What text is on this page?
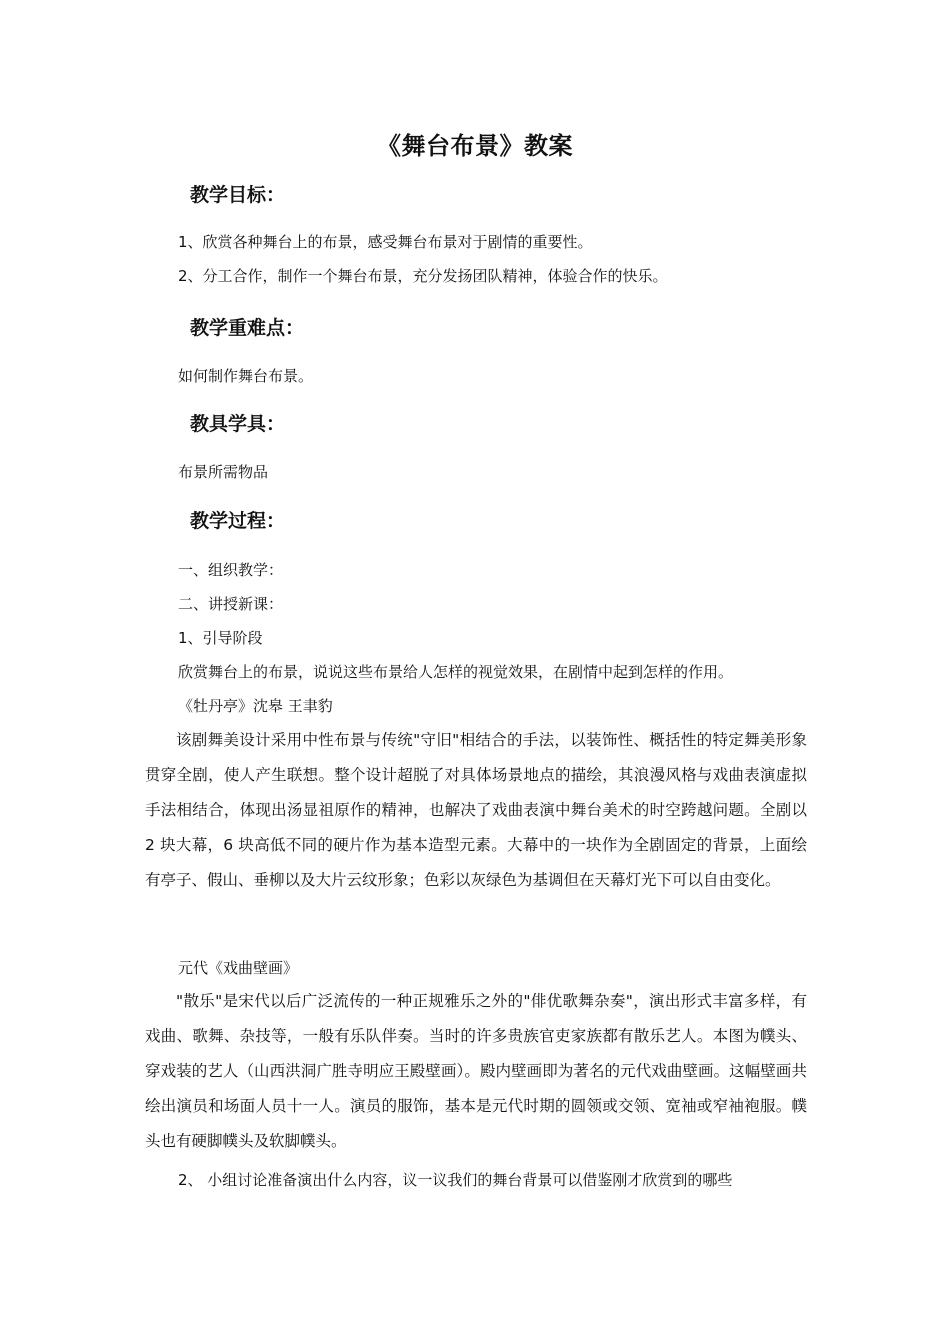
《舞台布景》教案
教学目标：
1、欣赏各种舞台上的布景，感受舞台布景对于剧情的重要性。
2、分工合作，制作一个舞台布景，充分发扬团队精神，体验合作的快乐。
教学重难点：
如何制作舞台布景。
教具学具：
布景所需物品
教学过程：
一、组织教学：
二、讲授新课：
1、引导阶段
欣赏舞台上的布景，说说这些布景给人怎样的视觉效果，在剧情中起到怎样的作用。
《牡丹亭》沈皋 王聿豹
该剧舞美设计采用中性布景与传统"守旧"相结合的手法，以装饰性、概括性的特定舞美形象贯穿全剧，使人产生联想。整个设计超脱了对具体场景地点的描绘，其浪漫风格与戏曲表演虚拟手法相结合，体现出汤显祖原作的精神，也解决了戏曲表演中舞台美术的时空跨越问题。全剧以 2 块大幕，6 块高低不同的硬片作为基本造型元素。大幕中的一块作为全剧固定的背景，上面绘有亭子、假山、垂柳以及大片云纹形象；色彩以灰绿色为基调但在天幕灯光下可以自由变化。
元代《戏曲壁画》
"散乐"是宋代以后广泛流传的一种正规雅乐之外的"俳优歌舞杂奏"，演出形式丰富多样，有戏曲、歌舞、杂技等，一般有乐队伴奏。当时的许多贵族官吏家族都有散乐艺人。本图为幞头、穿戏装的艺人（山西洪洞广胜寺明应王殿壁画）。殿内壁画即为著名的元代戏曲壁画。这幅壁画共绘出演员和场面人员十一人。演员的服饰，基本是元代时期的圆领或交领、宽袖或窄袖袍服。幞头也有硬脚幞头及软脚幞头。
2、 小组讨论准备演出什么内容，议一议我们的舞台背景可以借鉴刚才欣赏到的哪些
